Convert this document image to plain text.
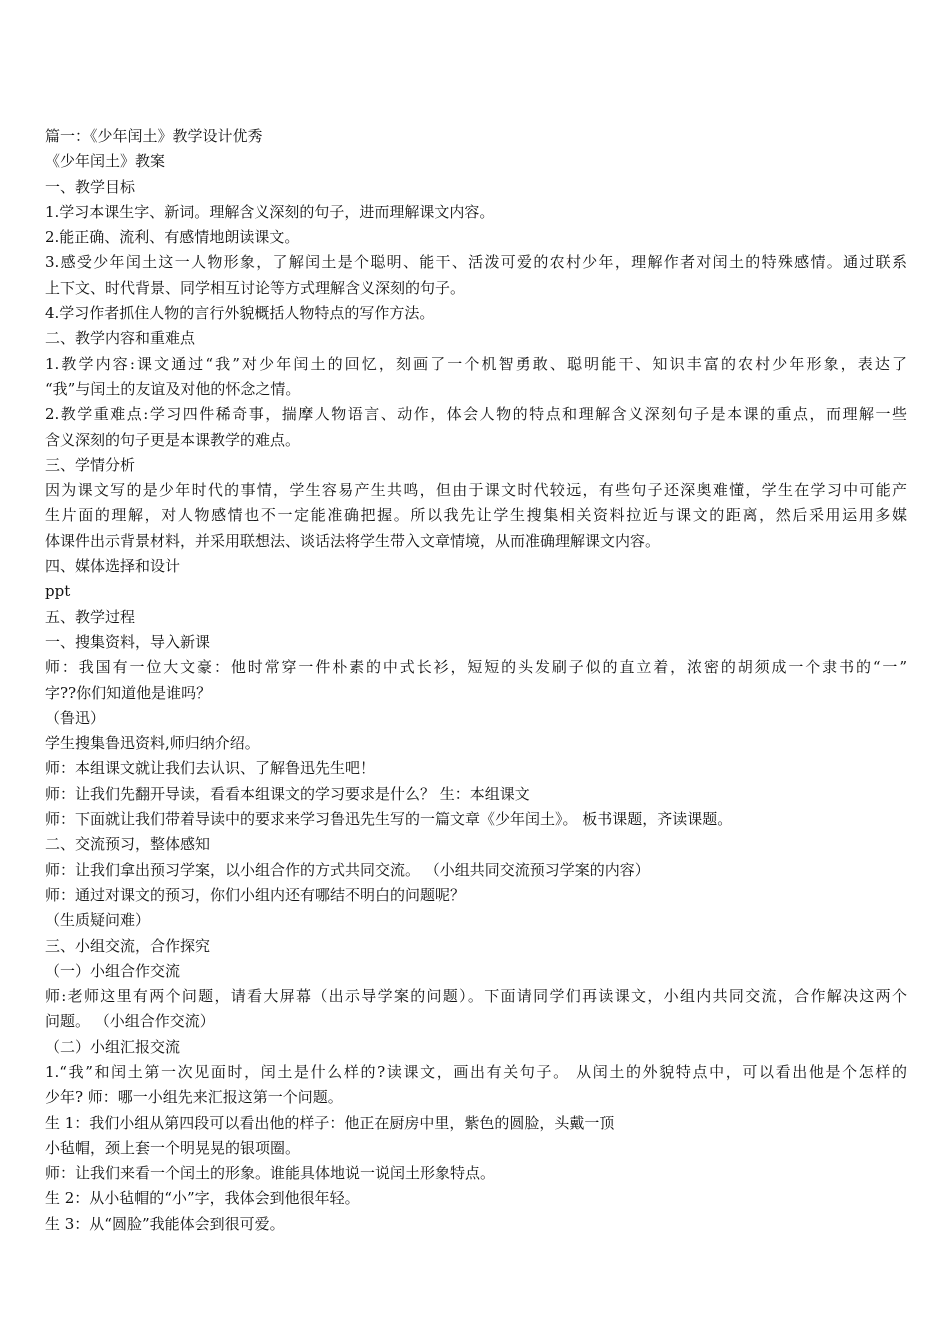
篇一：《少年闰土》教学设计优秀
《少年闰土》教案
一、教学目标
1.学习本课生字、新词。理解含义深刻的句子，进而理解课文内容。
2.能正确、流利、有感情地朗读课文。
3.感受少年闰土这一人物形象，了解闰土是个聪明、能干、活泼可爱的农村少年，理解作者对闰土的特殊感情。通过联系
上下文、时代背景、同学相互讨论等方式理解含义深刻的句子。
4.学习作者抓住人物的言行外貌概括人物特点的写作方法。
二、教学内容和重难点
1.教学内容:课文通过“我”对少年闰土的回忆，刻画了一个机智勇敢、聪明能干、知识丰富的农村少年形象，表达了
“我”与闰土的友谊及对他的怀念之情。
2.教学重难点:学习四件稀奇事，揣摩人物语言、动作，体会人物的特点和理解含义深刻句子是本课的重点，而理解一些
含义深刻的句子更是本课教学的难点。
三、学情分析
因为课文写的是少年时代的事情，学生容易产生共鸣，但由于课文时代较远，有些句子还深奥难懂，学生在学习中可能产
生片面的理解，对人物感情也不一定能准确把握。所以我先让学生搜集相关资料拉近与课文的距离，然后采用运用多媒
体课件出示背景材料，并采用联想法、谈话法将学生带入文章情境，从而准确理解课文内容。
四、媒体选择和设计
ppt
五、教学过程
一、搜集资料，导入新课
师：我国有一位大文豪：他时常穿一件朴素的中式长衫，短短的头发刷子似的直立着，浓密的胡须成一个隶书的“一”
字??你们知道他是谁吗？
（鲁迅）
学生搜集鲁迅资料,师归纳介绍。
师：本组课文就让我们去认识、了解鲁迅先生吧！
师：让我们先翻开导读，看看本组课文的学习要求是什么？ 生：本组课文
师：下面就让我们带着导读中的要求来学习鲁迅先生写的一篇文章《少年闰土》。 板书课题，齐读课题。
二、交流预习，整体感知
师：让我们拿出预习学案，以小组合作的方式共同交流。 （小组共同交流预习学案的内容）
师：通过对课文的预习，你们小组内还有哪结不明白的问题呢？
（生质疑问难）
三、小组交流，合作探究
（一）小组合作交流
师:老师这里有两个问题，请看大屏幕（出示导学案的问题）。下面请同学们再读课文，小组内共同交流，合作解决这两个
问题。 （小组合作交流）
（二）小组汇报交流
1.“我”和闰土第一次见面时，闰土是什么样的?读课文，画出有关句子。 从闰土的外貌特点中，可以看出他是个怎样的
少年? 师：哪一小组先来汇报这第一个问题。
生 1：我们小组从第四段可以看出他的样子：他正在厨房中里，紫色的圆脸，头戴一顶
小毡帽，颈上套一个明晃晃的银项圈。
师：让我们来看一个闰土的形象。谁能具体地说一说闰土形象特点。
生 2：从小毡帽的“小”字，我体会到他很年轻。
生 3：从“圆脸”我能体会到很可爱。
